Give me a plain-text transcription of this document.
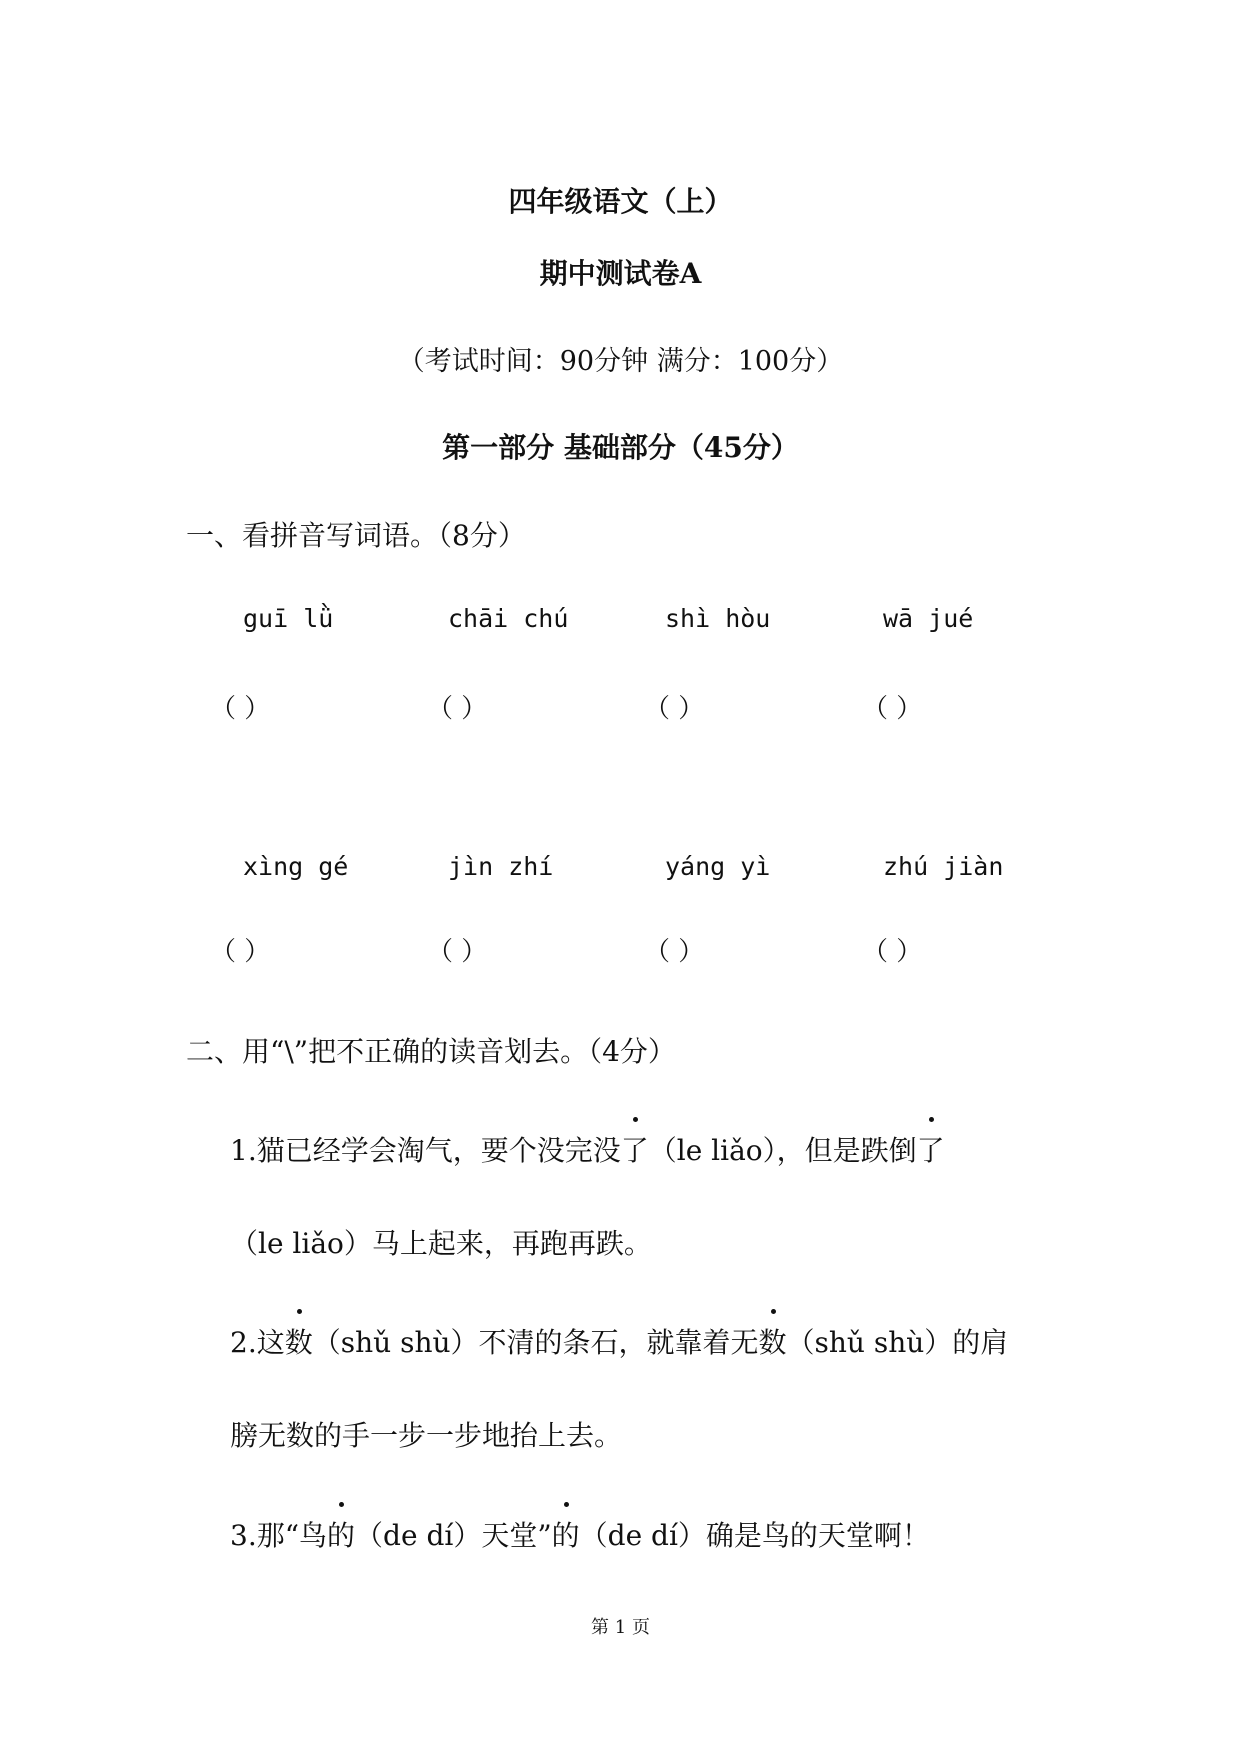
四年级语文（上）
期中测试卷A
（考试时间：90分钟 满分：100分）
第一部分 基础部分（45分）
一、看拼音写词语。（8分）
guī lǜ	chāi chú	shì hòu	wā jué
（ ）	（ ）	（ ）	（ ）
xìng gé	jìn zhí	yáng yì	zhú jiàn
（ ）	（ ）	（ ）	（ ）
二、用“\”把不正确的读音划去。（4分）
1.猫已经学会淘气，要个没完没了（le liǎo），但是跌倒了
（le liǎo）马上起来，再跑再跌。
2.这数（shǔ shù）不清的条石，就靠着无数（shǔ shù）的肩
膀无数的手一步一步地抬上去。
3.那“鸟的（de dí）天堂”的（de dí）确是鸟的天堂啊！
第 1 页
